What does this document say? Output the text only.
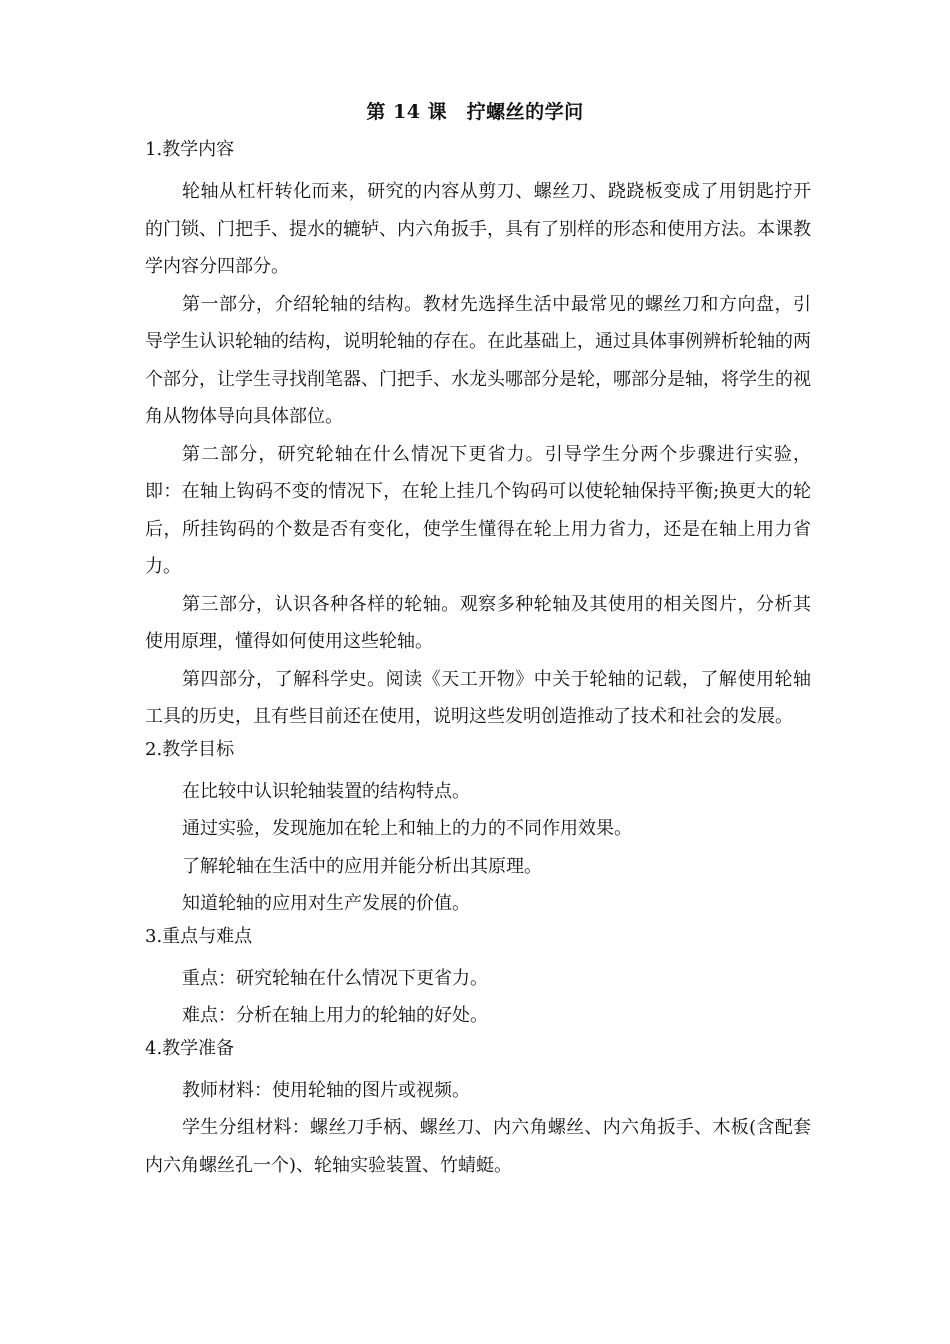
第 14 课　拧螺丝的学问

1.教学内容

轮轴从杠杆转化而来，研究的内容从剪刀、螺丝刀、跷跷板变成了用钥匙拧开的门锁、门把手、提水的辘轳、内六角扳手，具有了别样的形态和使用方法。本课教学内容分四部分。

第一部分，介绍轮轴的结构。教材先选择生活中最常见的螺丝刀和方向盘，引导学生认识轮轴的结构，说明轮轴的存在。在此基础上，通过具体事例辨析轮轴的两个部分，让学生寻找削笔器、门把手、水龙头哪部分是轮，哪部分是轴，将学生的视角从物体导向具体部位。

第二部分，研究轮轴在什么情况下更省力。引导学生分两个步骤进行实验，即：在轴上钩码不变的情况下，在轮上挂几个钩码可以使轮轴保持平衡;换更大的轮后，所挂钩码的个数是否有变化，使学生懂得在轮上用力省力，还是在轴上用力省力。

第三部分，认识各种各样的轮轴。观察多种轮轴及其使用的相关图片，分析其使用原理，懂得如何使用这些轮轴。

第四部分，了解科学史。阅读《天工开物》中关于轮轴的记载，了解使用轮轴工具的历史，且有些目前还在使用，说明这些发明创造推动了技术和社会的发展。

2.教学目标

在比较中认识轮轴装置的结构特点。

通过实验，发现施加在轮上和轴上的力的不同作用效果。

了解轮轴在生活中的应用并能分析出其原理。

知道轮轴的应用对生产发展的价值。

3.重点与难点

重点：研究轮轴在什么情况下更省力。

难点：分析在轴上用力的轮轴的好处。

4.教学准备

教师材料：使用轮轴的图片或视频。

学生分组材料：螺丝刀手柄、螺丝刀、内六角螺丝、内六角扳手、木板(含配套内六角螺丝孔一个)、轮轴实验装置、竹蜻蜓。
